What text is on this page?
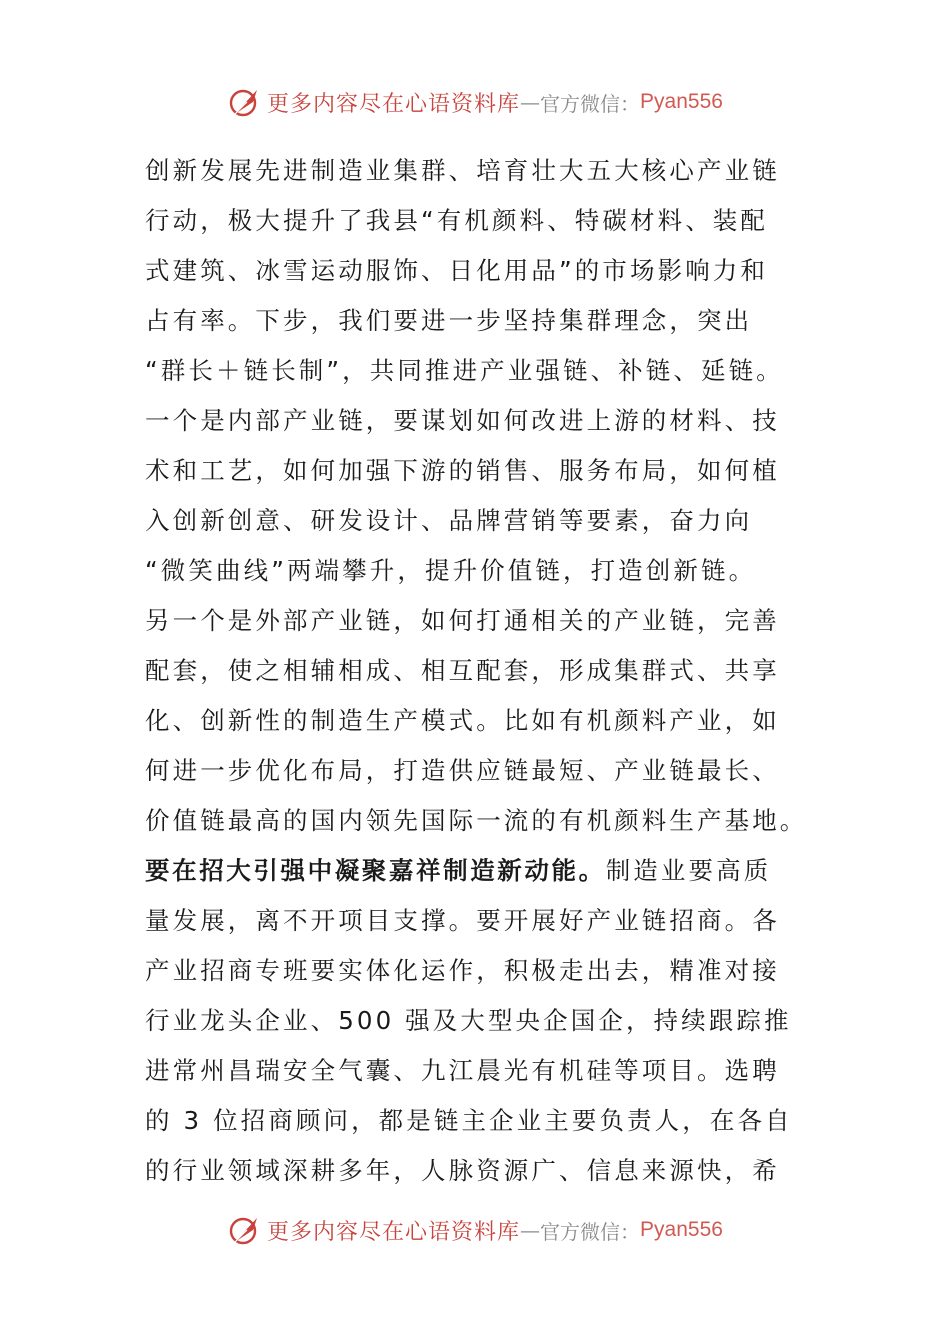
更多内容尽在心语资料库 — 官方微信： Pyan556
创新发展先进制造业集群、培育壮大五大核心产业链
行动，极大提升了我县“有机颜料、特碳材料、装配
式建筑、冰雪运动服饰、日化用品”的市场影响力和
占有率。下步，我们要进一步坚持集群理念，突出
“群长＋链长制”，共同推进产业强链、补链、延链。
一个是内部产业链，要谋划如何改进上游的材料、技
术和工艺，如何加强下游的销售、服务布局，如何植
入创新创意、研发设计、品牌营销等要素，奋力向
“微笑曲线”两端攀升，提升价值链，打造创新链。
另一个是外部产业链，如何打通相关的产业链，完善
配套，使之相辅相成、相互配套，形成集群式、共享
化、创新性的制造生产模式。比如有机颜料产业，如
何进一步优化布局，打造供应链最短、产业链最长、
价值链最高的国内领先国际一流的有机颜料生产基地。
要在招大引强中凝聚嘉祥制造新动能。制造业要高质
量发展，离不开项目支撑。要开展好产业链招商。各
产业招商专班要实体化运作，积极走出去，精准对接
行业龙头企业、500 强及大型央企国企，持续跟踪推
进常州昌瑞安全气囊、九江晨光有机硅等项目。选聘
的 3 位招商顾问，都是链主企业主要负责人，在各自
的行业领域深耕多年，人脉资源广、信息来源快，希
更多内容尽在心语资料库 — 官方微信： Pyan556
